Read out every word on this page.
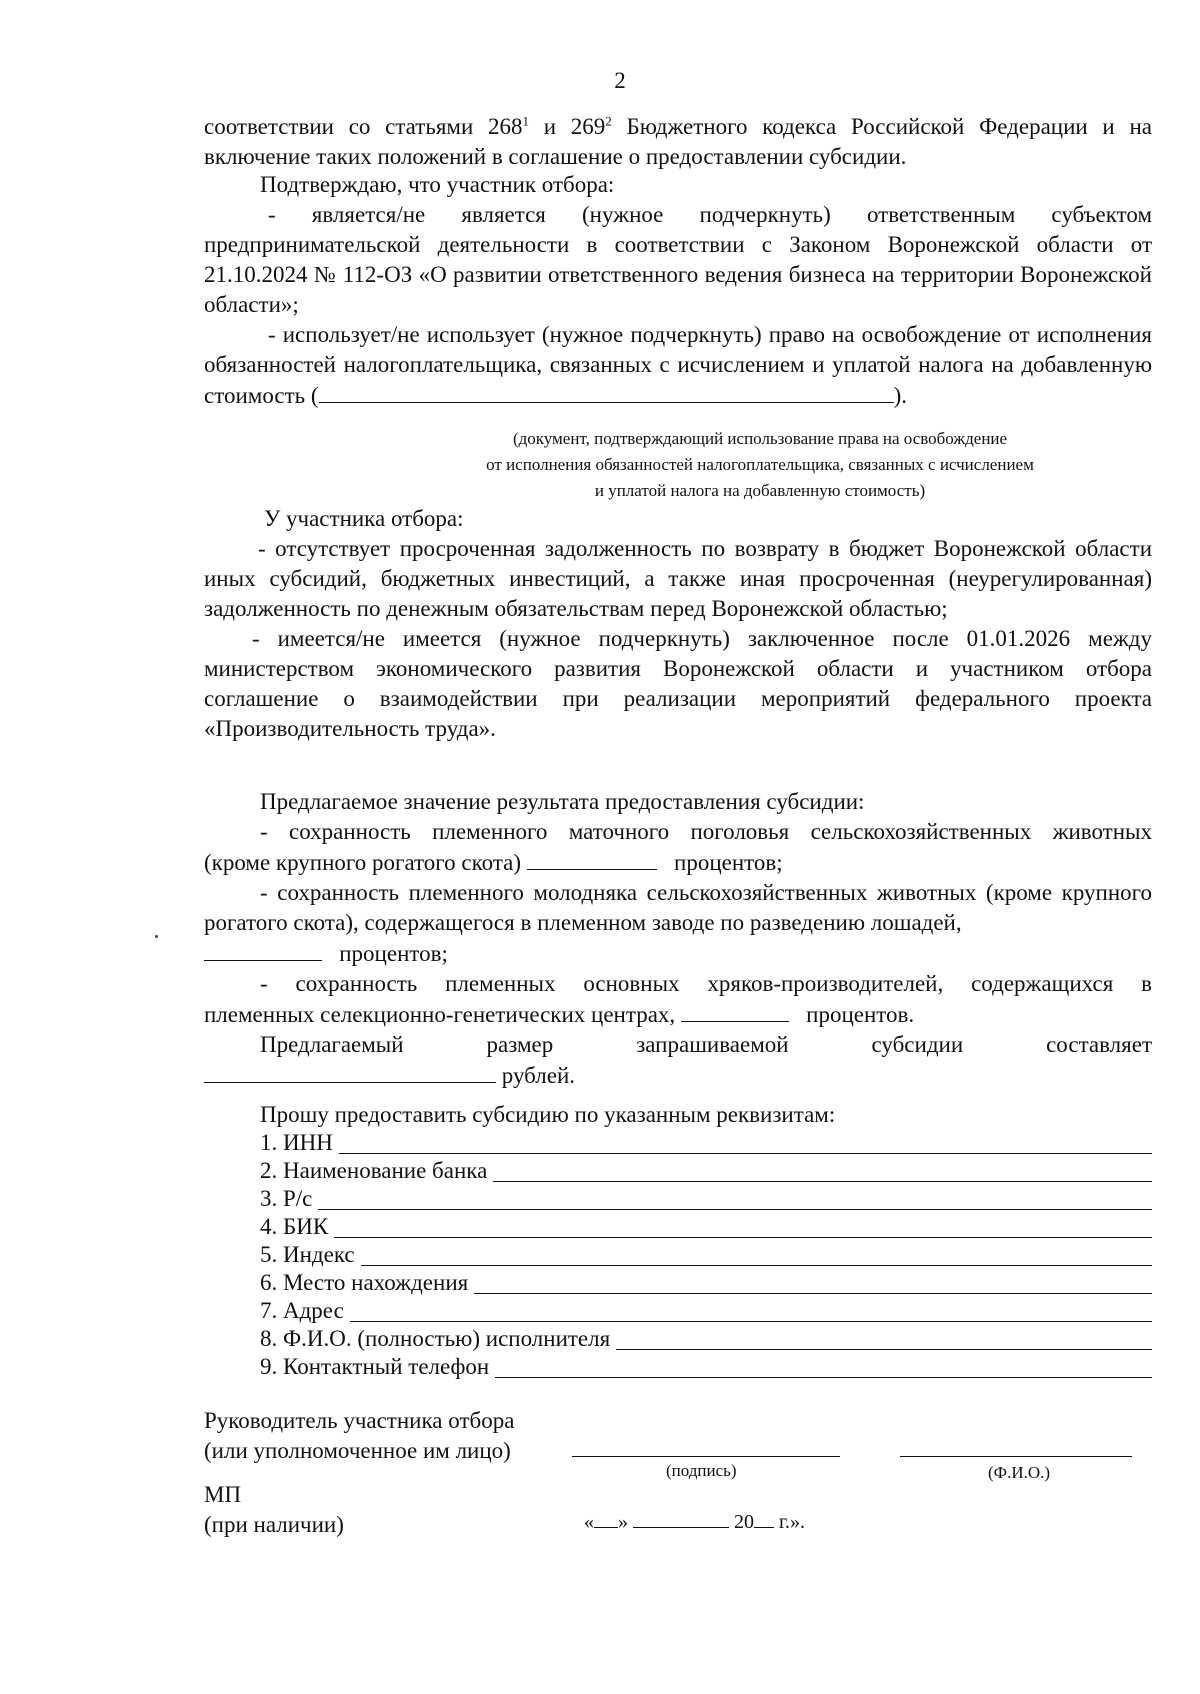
2
соответствии со статьями $268^1$ и $269^2$ Бюджетного кодекса Российской Федерации и на
включение таких положений в соглашение о предоставлении субсидии.
Подтверждаю, что участник отбора:
- является/не является (нужное подчеркнуть) ответственным субъектом предпринимательской деятельности в соответствии с Законом Воронежской области от 21.10.2024 № 112-ОЗ «О развитии ответственного ведения бизнеса на территории Воронежской области»;
- использует/не использует (нужное подчеркнуть) право на освобождение от исполнения обязанностей налогоплательщика, связанных с исчислением и уплатой налога на добавленную стоимость (	).
(документ, подтверждающий использование права на освобождение
от исполнения обязанностей налогоплательщика, связанных с исчислением
и уплатой налога на добавленную стоимость)
У участника отбора:
- отсутствует просроченная задолженность по возврату в бюджет Воронежской области иных субсидий, бюджетных инвестиций, а также иная просроченная (неурегулированная) задолженность по денежным обязательствам перед Воронежской областью;
- имеется/не имеется (нужное подчеркнуть) заключенное после 01.01.2026 между министерством экономического развития Воронежской области и участником отбора соглашение о взаимодействии при реализации мероприятий федерального проекта «Производительность труда».
Предлагаемое значение результата предоставления субсидии:
- сохранность племенного маточного поголовья сельскохозяйственных животных
(кроме крупного рогатого скота)	процентов;
- сохранность племенного молодняка сельскохозяйственных животных (кроме крупного рогатого скота), содержащегося в племенном заводе по разведению лошадей,
процентов;
- сохранность племенных основных хряков-производителей, содержащихся в
племенных селекционно-генетических центрах,	процентов.
Предлагаемый размер запрашиваемой субсидии составляет
рублей.
Прошу предоставить субсидию по указанным реквизитам:
1. ИНН
2. Наименование банка
3. Р/с
4. БИК
5. Индекс
6. Место нахождения
7. Адрес
8. Ф.И.О. (полностью) исполнителя
9. Контактный телефон
Руководитель участника отбора
(или уполномоченное им лицо)
(подпись)	(Ф.И.О.)
МП
(при наличии)	« »	20 г.».
